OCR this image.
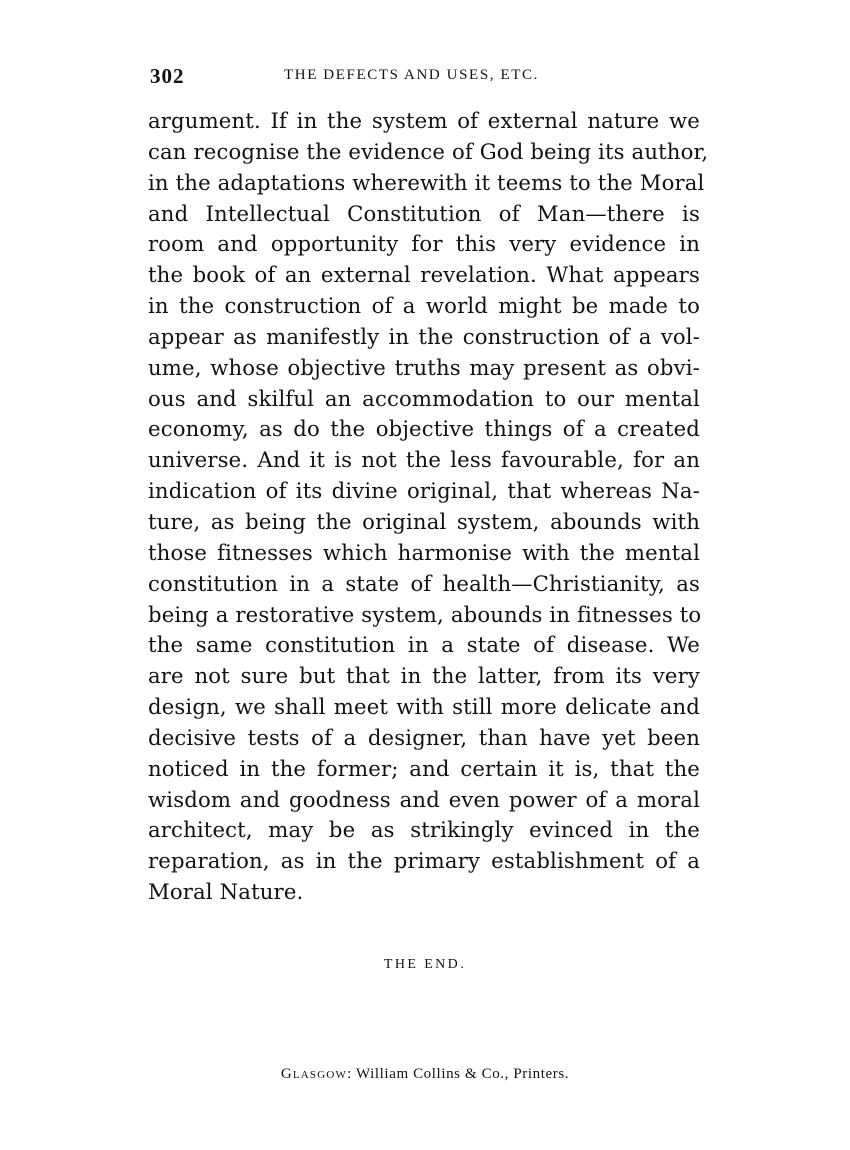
302	THE DEFECTS AND USES, ETC.
argument. If in the system of external nature we
can recognise the evidence of God being its author,
in the adaptations wherewith it teems to the Moral
and Intellectual Constitution of Man—there is
room and opportunity for this very evidence in
the book of an external revelation. What appears
in the construction of a world might be made to
appear as manifestly in the construction of a vol-
ume, whose objective truths may present as obvi-
ous and skilful an accommodation to our mental
economy, as do the objective things of a created
universe. And it is not the less favourable, for an
indication of its divine original, that whereas Na-
ture, as being the original system, abounds with
those fitnesses which harmonise with the mental
constitution in a state of health—Christianity, as
being a restorative system, abounds in fitnesses to
the same constitution in a state of disease. We
are not sure but that in the latter, from its very
design, we shall meet with still more delicate and
decisive tests of a designer, than have yet been
noticed in the former; and certain it is, that the
wisdom and goodness and even power of a moral
architect, may be as strikingly evinced in the
reparation, as in the primary establishment of a
Moral Nature.
THE END.
Glasgow: William Collins & Co., Printers.
